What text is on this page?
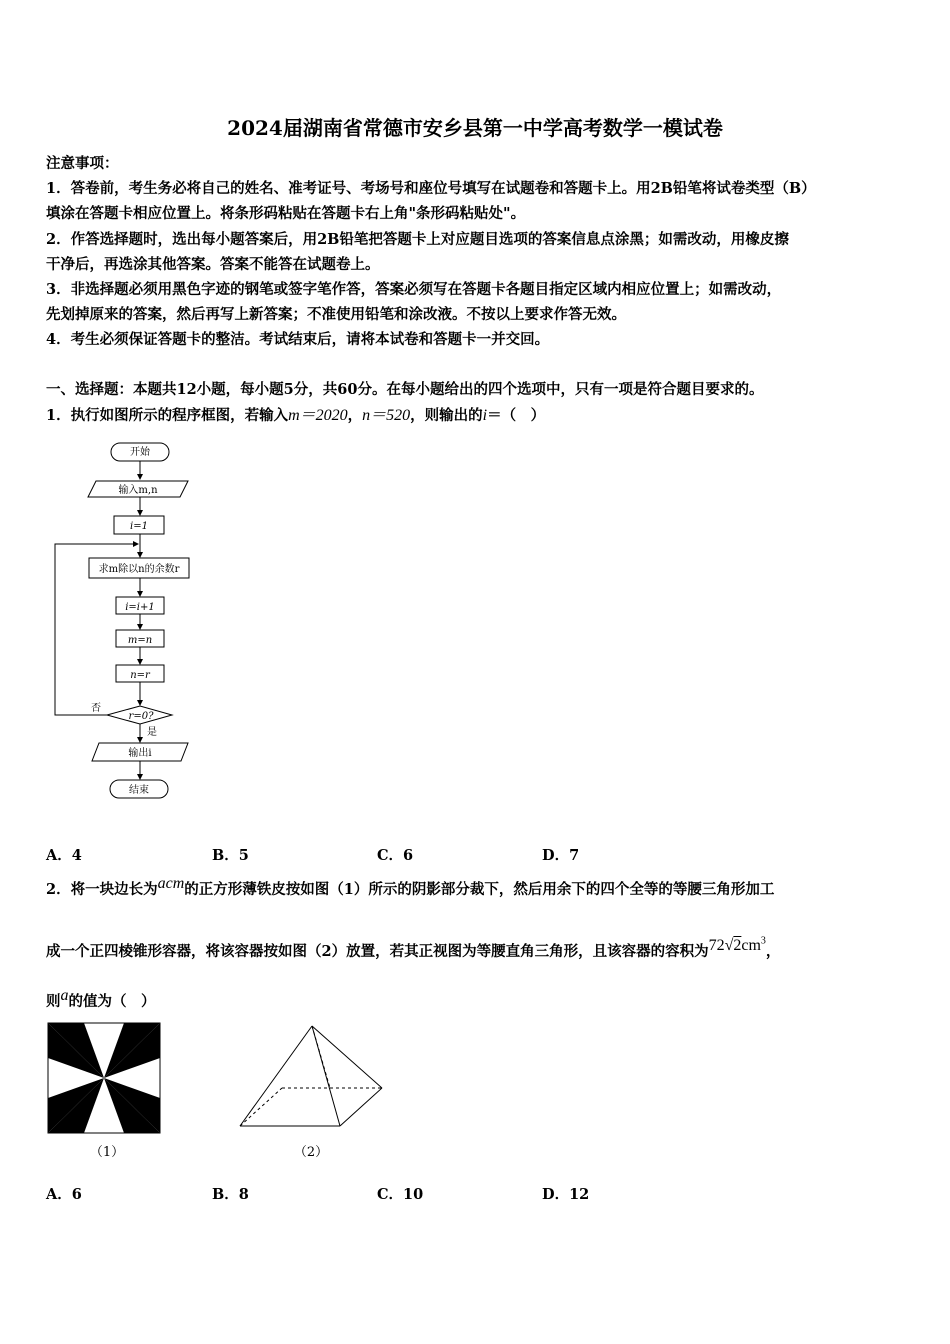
2024届湖南省常德市安乡县第一中学高考数学一模试卷
注意事项：
1．答卷前，考生务必将自己的姓名、准考证号、考场号和座位号填写在试题卷和答题卡上。用2B铅笔将试卷类型（B）
填涂在答题卡相应位置上。将条形码粘贴在答题卡右上角"条形码粘贴处"。
2．作答选择题时，选出每小题答案后，用2B铅笔把答题卡上对应题目选项的答案信息点涂黑；如需改动，用橡皮擦
干净后，再选涂其他答案。答案不能答在试题卷上。
3．非选择题必须用黑色字迹的钢笔或签字笔作答，答案必须写在答题卡各题目指定区域内相应位置上；如需改动，
先划掉原来的答案，然后再写上新答案；不准使用铅笔和涂改液。不按以上要求作答无效。
4．考生必须保证答题卡的整洁。考试结束后，请将本试卷和答题卡一并交回。
一、选择题：本题共12小题，每小题5分，共60分。在每小题给出的四个选项中，只有一项是符合题目要求的。
1．执行如图所示的程序框图，若输入m＝2020，n＝520，则输出的i＝（　）
开始
输入m,n
i=1
求m除以n的余数r
i=i+1
m=n
n=r
r=0?
否
是
输出i
结束
A．4	B．5	C．6	D．7
2．将一块边长为acm的正方形薄铁皮按如图（1）所示的阴影部分裁下，然后用余下的四个全等的等腰三角形加工
成一个正四棱锥形容器，将该容器按如图（2）放置，若其正视图为等腰直角三角形，且该容器的容积为$72√2cm^3$，
则a的值为（　）
（1）	（2）
A．6	B．8	C．10	D．12
